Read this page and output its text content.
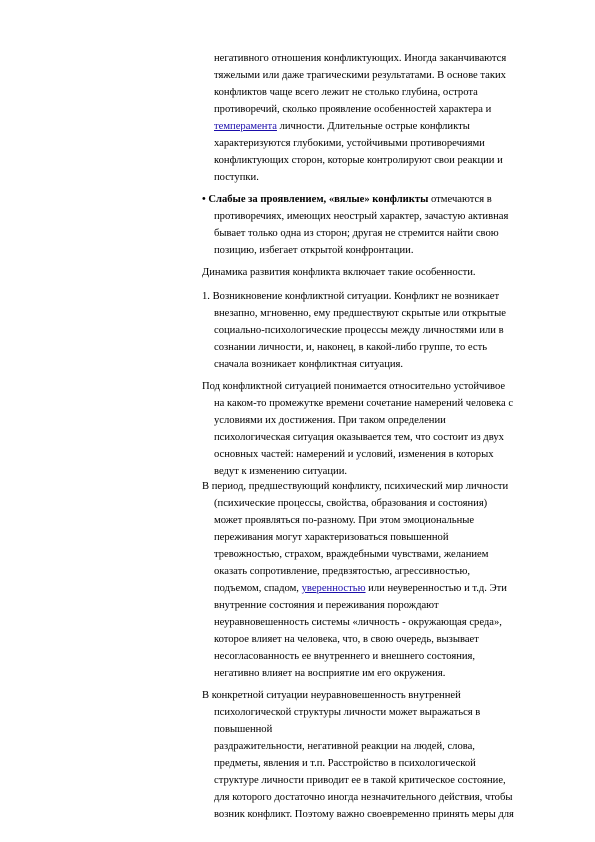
негативного отношения конфликтующих. Иногда заканчиваются
тяжелыми или даже трагическими результатами. В основе таких
конфликтов чаще всего лежит не столько глубина, острота
противоречий, сколько проявление особенностей характера и
темперамента личности. Длительные острые конфликты
характеризуются глубокими, устойчивыми противоречиями
конфликтующих сторон, которые контролируют свои реакции и
поступки.
• Слабые за проявлением, «вялые» конфликты отмечаются в
противоречиях, имеющих неострый характер, зачастую активная
бывает только одна из сторон; другая не стремится найти свою
позицию, избегает открытой конфронтации.
Динамика развития конфликта включает такие особенности.
1. Возникновение конфликтной ситуации. Конфликт не возникает
внезапно, мгновенно, ему предшествуют скрытые или открытые
социально-психологические процессы между личностями или в
сознании личности, и, наконец, в какой-либо группе, то есть
сначала возникает конфликтная ситуация.
Под конфликтной ситуацией понимается относительно устойчивое
на каком-то промежутке времени сочетание намерений человека с
условиями их достижения. При таком определении
психологическая ситуация оказывается тем, что состоит из двух
основных частей: намерений и условий, изменения в которых
ведут к изменению ситуации.
В период, предшествующий конфликту, психический мир личности
(психические процессы, свойства, образования и состояния)
может проявляться по-разному. При этом эмоциональные
переживания могут характеризоваться повышенной
тревожностью, страхом, враждебными чувствами, желанием
оказать сопротивление, предвзятостью, агрессивностью,
подъемом, спадом, уверенностью или неуверенностью и т.д. Эти
внутренние состояния и переживания порождают
неуравновешенность системы «личность - окружающая среда»,
которое влияет на человека, что, в свою очередь, вызывает
несогласованность ее внутреннего и внешнего состояния,
негативно влияет на восприятие им его окружения.
В конкретной ситуации неуравновешенность внутренней
психологической структуры личности может выражаться в
повышенной
раздражительности, негативной реакции на людей, слова,
предметы, явления и т.п. Расстройство в психологической
структуре личности приводит ее в такой критическое состояние,
для которого достаточно иногда незначительного действия, чтобы
возник конфликт. Поэтому важно своевременно принять меры для
